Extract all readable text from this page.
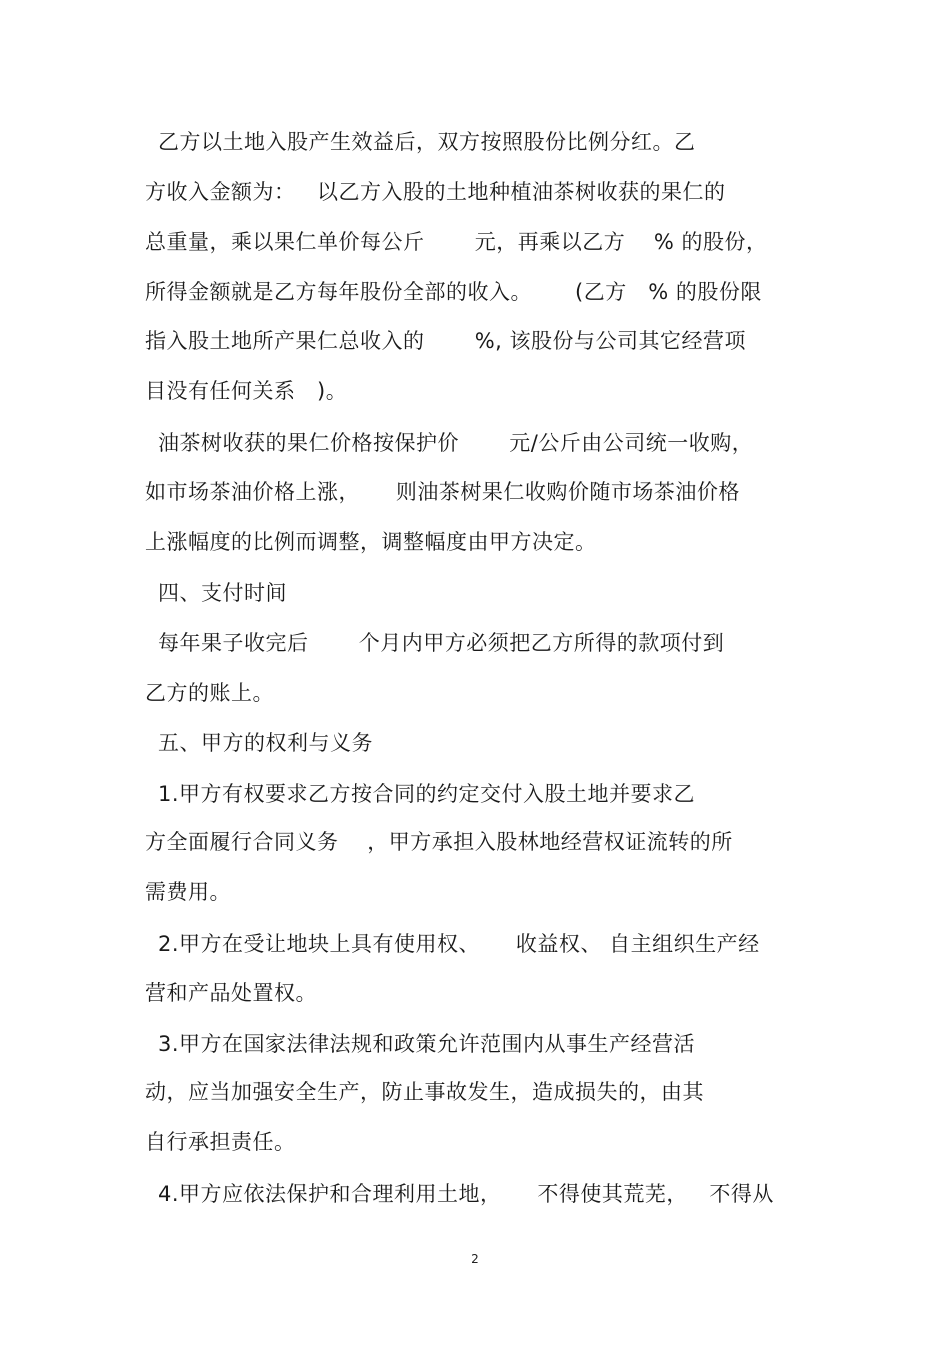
乙方以土地入股产生效益后，双方按照股份比例分红。乙
方收入金额为：   以乙方入股的土地种植油茶树收获的果仁的
总重量，乘以果仁单价每公斤       元，再乘以乙方    % 的股份，
所得金额就是乙方每年股份全部的收入。      (乙方   % 的股份限
指入股土地所产果仁总收入的       %, 该股份与公司其它经营项
目没有任何关系   )。
油茶树收获的果仁价格按保护价       元/公斤由公司统一收购，
如市场茶油价格上涨，     则油茶树果仁收购价随市场茶油价格
上涨幅度的比例而调整，调整幅度由甲方决定。
四、支付时间
每年果子收完后       个月内甲方必须把乙方所得的款项付到
乙方的账上。
五、甲方的权利与义务
1.甲方有权要求乙方按合同的约定交付入股土地并要求乙
方全面履行合同义务    ，甲方承担入股林地经营权证流转的所
需费用。
2.甲方在受让地块上具有使用权、     收益权、 自主组织生产经
营和产品处置权。
3.甲方在国家法律法规和政策允许范围内从事生产经营活
动，应当加强安全生产，防止事故发生，造成损失的，由其
自行承担责任。
4.甲方应依法保护和合理利用土地，     不得使其荒芜，   不得从
2
